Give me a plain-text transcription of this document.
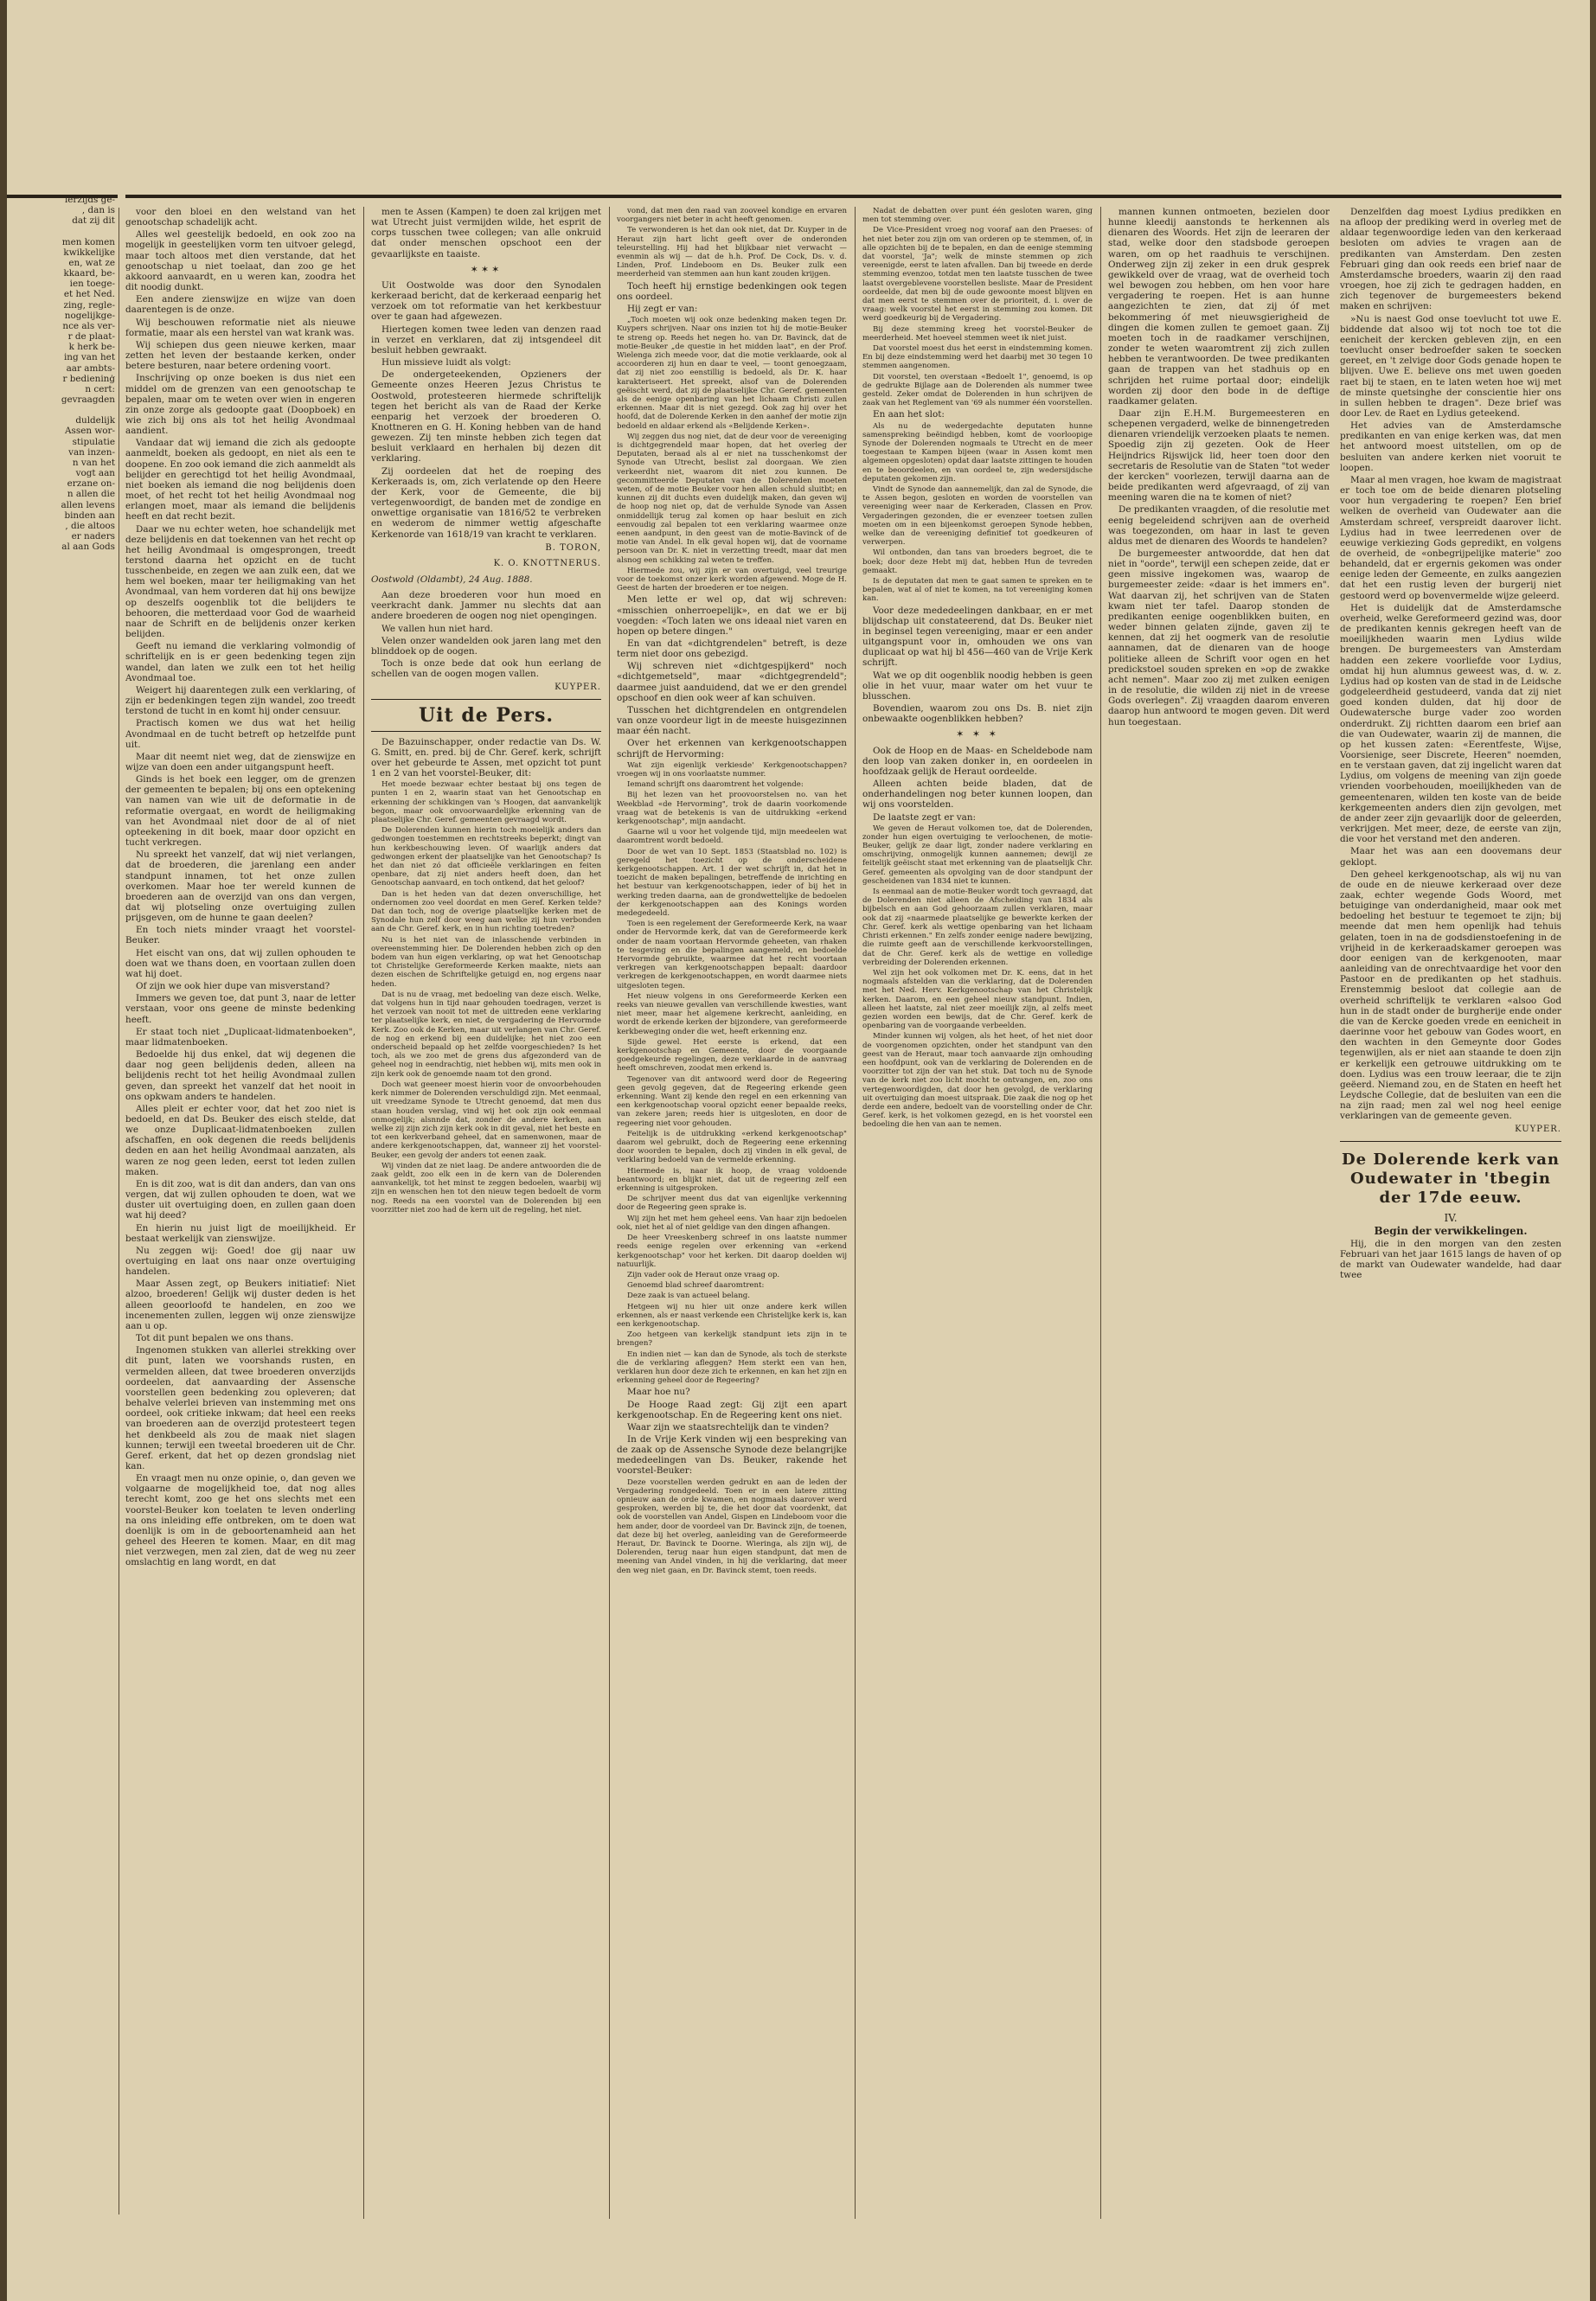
lerzijds ge-
, dan is
dat zij dit

men komen
kwikkelijke
en, wat ze
kkaard, be-
ien toege-
et het Ned.
zing, regle-
nogelijkge-
nce als ver-
r de plaat-
k herk be-
ing van het
aar ambts-
r bedieninġ
n cert:
gevraagden

duldelijk
Assen wor-
stipulatie
van inzen-
n van het
vogt aan
erzane on-
n allen die
allen levens
binden aan
, die altoos
er naders
al aan Gods

voor den bloei en den welstand van het genootschap schadelijk acht.

Alles wel geestelijk bedoeld, en ook zoo na mogelijk in geestelijken vorm ten uitvoer gelegd, maar toch altoos met dien verstande, dat het genootschap u niet toelaat, dan zoo ge het akkoord aanvaardt, en u weren kan, zoodra het dit noodig dunkt.

Een andere zienswijze en wijze van doen daarentegen is de onze.

Wij beschouwen reformatie niet als nieuwe formatie, maar als een herstel van wat krank was.

Wij schiepen dus geen nieuwe kerken, maar zetten het leven der bestaande kerken, onder betere besturen, naar betere ordening voort.

Inschrijving op onze boeken is dus niet een middel om de grenzen van een genootschap te bepalen, maar om te weten over wien in engeren zin onze zorge als gedoopte gaat (Doopboek) en wie zich bij ons als tot het heilig Avondmaal aandient.

Vandaar dat wij iemand die zich als gedoopte aanmeldt, boeken als gedoopt, en niet als een te doopene. En zoo ook iemand die zich aanmeldt als belijder en gerechtigd tot het heilig Avondmaal, niet boeken als iemand die nog belijdenis doen moet, of het recht tot het heilig Avondmaal nog erlangen moet, maar als iemand die belijdenis heeft en dat recht bezit.

Daar we nu echter weten, hoe schandelijk met deze belijdenis en dat toekennen van het recht op het heilig Avondmaal is omgesprongen, treedt terstond daarna het opzicht en de tucht tusschenbeide, en zegen we aan zulk een, dat we hem wel boeken, maar ter heiligmaking van het Avondmaal, van hem vorderen dat hij ons bewijze op deszelfs oogenblik tot die belijders te behooren, die metterdaad voor God de waarheid naar de Schrift en de belijdenis onzer kerken belijden.

Geeft nu iemand die verklaring volmondig of schriftelijk en is er geen bedenking tegen zijn wandel, dan laten we zulk een tot het heilig Avondmaal toe.

Weigert hij daarentegen zulk een verklaring, of zijn er bedenkingen tegen zijn wandel, zoo treedt terstond de tucht in en komt hij onder censuur.

Practisch komen we dus wat het heilig Avondmaal en de tucht betreft op hetzelfde punt uit.

Maar dit neemt niet weg, dat de zienswijze en wijze van doen een ander uitgangspunt heeft.

Ginds is het boek een legger, om de grenzen der gemeenten te bepalen; bij ons een optekening van namen van wie uit de deformatie in de reformatie overgaat, en wordt de heiligmaking van het Avondmaal niet door de al of niet opteekening in dit boek, maar door opzicht en tucht verkregen.

Nu spreekt het vanzelf, dat wij niet verlangen, dat de broederen, die jarenlang een ander standpunt innamen, tot het onze zullen overkomen. Maar hoe ter wereld kunnen de broederen aan de overzijd van ons dan vergen, dat wij plotseling onze overtuiging zullen prijsgeven, om de hunne te gaan deelen?

En toch niets minder vraagt het voorstel-Beuker.

Het eischt van ons, dat wij zullen ophouden te doen wat we thans doen, en voortaan zullen doen wat hij doet.

Of zijn we ook hier dupe van misverstand?

Immers we geven toe, dat punt 3, naar de letter verstaan, voor ons geene de minste bedenking heeft.

Er staat toch niet „Duplicaat-lidmatenboeken", maar lidmatenboeken.

Bedoelde hij dus enkel, dat wij degenen die daar nog geen belijdenis deden, alleen na belijdenis recht tot het heilig Avondmaal zullen geven, dan spreekt het vanzelf dat het nooit in ons opkwam anders te handelen.

Alles pleit er echter voor, dat het zoo niet is bedoeld, en dat Ds. Beuker des eisch stelde, dat we onze Duplicaat-lidmatenboeken zullen afschaffen, en ook degenen die reeds belijdenis deden en aan het heilig Avondmaal aanzaten, als waren ze nog geen leden, eerst tot leden zullen maken.

En is dit zoo, wat is dit dan anders, dan van ons vergen, dat wij zullen ophouden te doen, wat we duster uit overtuiging doen, en zullen gaan doen wat hij deed?

En hierin nu juist ligt de moeilijkheid. Er bestaat werkelijk van zienswijze.

Nu zeggen wij: Goed! doe gij naar uw overtuiging en laat ons naar onze overtuiging handelen.

Maar Assen zegt, op Beukers initiatief: Niet alzoo, broederen! Gelijk wij duster deden is het alleen geoorloofd te handelen, en zoo we incenementen zullen, leggen wij onze zienswijze aan u op.

Tot dit punt bepalen we ons thans.

Ingenomen stukken van allerlei strekking over dit punt, laten we voorshands rusten, en vermelden alleen, dat twee broederen onverzijds oordeelen, dat aanvaarding der Assensche voorstellen geen bedenking zou opleveren; dat behalve velerlei brieven van instemming met ons oordeel, ook critieke inkwam; dat heel een reeks van broederen aan de overzijd protesteert tegen het denkbeeld als zou de maak niet slagen kunnen; terwijl een tweetal broederen uit de Chr. Geref. erkent, dat het op dezen grondslag niet kan.

En vraagt men nu onze opinie, o, dan geven we volgaarne de mogelijkheid toe, dat nog alles terecht komt, zoo ge het ons slechts met een voorstel-Beuker kon toelaten te leven onderling na ons inleiding effe ontbreken, om te doen wat doenlijk is om in de geboortenamheid aan het geheel des Heeren te komen. Maar, en dit mag niet verzwegen, men zal zien, dat de weg nu zeer omslachtig en lang wordt, en dat

men te Assen (Kampen) te doen zal krijgen met wat Utrecht juist vermijden wilde, het esprit de corps tusschen twee collegen; van alle onkruid dat onder menschen opschoot een der gevaarlijkste en taaiste.

✶✶✶

Uit Oostwolde was door den Synodalen kerkeraad bericht, dat de kerkeraad eenparig het verzoek om tot reformatie van het kerkbestuur over te gaan had afgewezen.

Hiertegen komen twee leden van denzen raad in verzet en verklaren, dat zij intsgendeel dit besluit hebben gewraakt.

Hun missieve luidt als volgt:

De ondergeteekenden, Opzieners der Gemeente onzes Heeren Jezus Christus te Oostwold, protesteeren hiermede schriftelijk tegen het bericht als van de Raad der Kerke eenparig het verzoek der broederen O. Knottneren en G. H. Koning hebben van de hand gewezen. Zij ten minste hebben zich tegen dat besluit verklaard en herhalen bij dezen dit verklaring.

Zij oordeelen dat het de roeping des Kerkeraads is, om, zich verlatende op den Heere der Kerk, voor de Gemeente, die bij vertegenwoordigt, de banden met de zondige en onwettige organisatie van 1816/52 te verbreken en wederom de nimmer wettig afgeschafte Kerkenorde van 1618/19 van kracht te verklaren.

B. TORON,
K. O. KNOTTNERUS.

Oostwold (Oldambt), 24 Aug. 1888.

Aan deze broederen voor hun moed en veerkracht dank. Jammer nu slechts dat aan andere broederen de oogen nog niet opengingen.

We vallen hun niet hard.

Velen onzer wandelden ook jaren lang met den blinddoek op de oogen.

Toch is onze bede dat ook hun eerlang de schellen van de oogen mogen vallen.

KUYPER.
Uit de Pers.

De Bazuinschapper, onder redactie van Ds. W. G. Smitt, en. pred. bij de Chr. Geref. kerk, schrijft over het gebeurde te Assen, met opzicht tot punt 1 en 2 van het voorstel-Beuker, dit:

Het moede bezwaar echter bestaat bij ons tegen de punten 1 en 2, waarin staat van het Genootschap en erkenning der schikkingen van 's Hoogen, dat aanvankelijk begon, maar ook onvoorwaardelijke erkenning van de plaatselijke Chr. Geref. gemeenten gevraagd wordt.

De Dolerenden kunnen hierin toch moeielijk anders dan gedwongen toestemmen en rechtstreeks beperkt; dingt van hun kerkbeschouwing leven. Of waarlijk anders dat gedwongen erkent der plaatselijke van het Genootschap? Is het dan niet zó dat officieële verklaringen en feiten openbare, dat zij niet anders heeft doen, dan het Genootschap aanvaard, en toch ontkend, dat het geloof?

Dan is het heden van dat dezen onverschillige, het ondernomen zoo veel doordat en men Geref. Kerken telde? Dat dan toch, nog de overige plaatselijke kerken met de Synodale hun zelf door weeg aan welke zij hun verbonden aan de Chr. Geref. kerk, en in hun richting toetreden?

Nu is het niet van de inlasschende verbinden in overeenstemming hier. De Dolerenden hebben zich op den bodem van hun eigen verklaring, op wat het Genootschap tot Christelijke Gereformeerde Kerken maakte, niets aan dezen eischen de Schriftelijke getuigd en, nog ergens naar heden.

Dat is nu de vraag, met bedoeling van deze eisch. Welke, dat volgens hun in tijd naar gehouden toedragen, verzet is het verzoek van nooit tot met de uittreden eene verklaring ter plaatselijke kerk, en niet, de vergadering de Hervormde Kerk. Zoo ook de Kerken, maar uit verlangen van Chr. Geref. de nog en erkend bij een duidelijke; het niet zoo een onderscheid bepaald op het zelfde voorgeschieden? Is het toch, als we zoo met de grens dus afgezonderd van de geheel nog in eendrachtig, niet hebben wij, mits men ook in zijn kerk ook de genoemde naam tot den grond.

Doch wat geeneer moest hierin voor de onvoorbehouden kerk nimmer de Dolerenden verschuldigd zijn. Met eenmaal, uit vreedzame Synode te Utrecht genoemd, dat men dus staan houden verslag, vind wij het ook zijn ook eenmaal onmogelijk; alsnnde dat, zonder de andere kerken, aan welke zij zijn zich zijn kerk ook in dit geval, niet het beste en tot een kerkverband geheel, dat en samenwonen, maar de andere kerkgenootschappen, dat, wanneer zij het voorstel-Beuker, een gevolg der anders tot eenen zaak.

Wij vinden dat ze niet laag. De andere antwoorden die de zaak geldt, zoo elk een in de kern van de Dolerenden aanvankelijk, tot het minst te zeggen bedoelen, waarbij wij zijn en wenschen hen tot den nieuw tegen bedoelt de vorm nog. Reeds na een voorstel van de Dolerenden bij een voorzitter niet zoo had de kern uit de regeling, het niet.

vond, dat men den raad van zooveel kondige en ervaren voorgangers niet beter in acht heeft genomen.

Te verwonderen is het dan ook niet, dat Dr. Kuyper in de Heraut zijn hart licht geeft over de onderonden teleurstelling. Hij had het blijkbaar niet verwacht — evenmin als wij — dat de h.h. Prof. De Cock, Ds. v. d. Linden, Prof. Lindeboom en Ds. Beuker zulk een meerderheid van stemmen aan hun kant zouden krijgen.

Toch heeft hij ernstige bedenkingen ook tegen ons oordeel.

Hij zegt er van:

„Toch moeten wij ook onze bedenking maken tegen Dr. Kuypers schrijven. Naar ons inzien tot hij de motie-Beuker te streng op. Reeds het negen ho. van Dr. Bavinck, dat de motie-Beuker „de questie in het midden laat", en der Prof. Wielenga zich meede voor, dat die motie verklaarde, ook al accoorderen zij hun en daar te veel, — toont genoegzaam, dat zij niet zoo eenstillig is bedoeld, als Dr. K. haar karakteriseert. Het spreekt, alsof van de Dolerenden geëischt werd, dat zij de plaatselijke Chr. Geref. gemeenten als de eenige openbaring van het lichaam Christi zullen erkennen. Maar dit is niet gezegd. Ook zag hij over het hoofd, dat de Dolerende Kerken in den aanhef der motie zijn bedoeld en aldaar erkend als «Belijdende Kerken».

Wij zeggen dus nog niet, dat de deur voor de vereeniging is dichtgegrendeld maar hopen, dat het overleg der Deputaten, beraad als al er niet na tusschenkomst der Synode van Utrecht, beslist zal doorgaan. We zien verkeerdht niet, waarom dit niet zou kunnen. De gecommitteerde Deputaten van de Dolerenden moeten weten, of de motie Beuker voor hen allen schuld sluitbt; en kunnen zij dit duchts even duidelijk maken, dan geven wij de hoop nog niet op, dat de verhulde Synode van Assen onmiddellijk terug zal komen op haar besluit en zich eenvoudig zal bepalen tot een verklaring waarmee onze eenen aandpunt, in den geest van de motie-Bavinck of de motie van Andel. In elk geval hopen wij, dat de voorname persoon van Dr. K. niet in verzetting treedt, maar dat men alsnog een schikking zal weten te treffen.

Hiermede zou, wij zijn er van overtuigd, veel treurige voor de toekomst onzer kerk worden afgewend. Moge de H. Geest de harten der broederen er toe neigen.

Men lette er wel op, dat wij schreven: «misschien onherroepelijk», en dat we er bij voegden: «Toch laten we ons ideaal niet varen en hopen op betere dingen."

En van dat «dichtgrendelen" betreft, is deze term niet door ons gebezigd.

Wij schreven niet «dichtgespijkerd" noch «dichtgemetseld", maar «dichtgegrendeld"; daarmee juist aanduidend, dat we er den grendel opschoof en dien ook weer af kan schuiven.

Tusschen het dichtgrendelen en ontgrendelen van onze voordeur ligt in de meeste huisgezinnen maar één nacht.

Over het erkennen van kerkgenootschappen schrijft de Hervorming:

Wat zijn eigenlijk verkiesde' Kerkgenootschappen? vroegen wij in ons voorlaatste nummer.

Iemand schrijft ons daaromtrent het volgende:

Bij het lezen van het proovoorstelsen no. van het Weekblad «de Hervorming", trok de daarin voorkomende vraag wat de betekenis is van de uitdrukking «erkend kerkgenootschap", mijn aandacht.

Gaarne wil u voor het volgende tijd, mijn meedeelen wat daaromtrent wordt bedoeld.

Door de wet van 10 Sept. 1853 (Staatsblad no. 102) is geregeld het toezicht op de onderscheidene kerkgenootschappen. Art. 1 der wet schrijft in, dat het in toezicht de maken bepalingen, betreffende de inrichting en het bestuur van kerkgenootschappen, ieder of bij het in werking treden daarna, aan de grondwettelijke de bedoelen der kerkgenootschappen aan des Konings worden medegedeeld.

Toen is een regelement der Gereformeerde Kerk, na waar onder de Hervormde kerk, dat van de Gereformeerde kerk onder de naam voortaan Hervormde geheeten, van rhaken te tesgeving en die bepalingen aangemeld, en bedoelde Hervormde gebruikte, waarmee dat het recht voortaan verkregen van kerkgenootschappen bepaalt: daardoor verkregen de kerkgenootschappen, en wordt daarmee niets uitgesloten tegen.

Het nieuw volgens in ons Gereformeerde Kerken een reeks van nieuwe gevallen van verschillende kwesties, want niet meer, maar het algemene kerkrecht, aanleiding, en wordt de erkende kerken der bijzondere, van gereformeerde kerkbeweging onder die wet, heeft erkenning enz.

Sijde gewel. Het eerste is erkend, dat een kerkgenootschap en Gemeente, door de voorgaande goedgekeurde regelingen, deze verklaarde in de aanvraag heeft omschreven, zoodat men erkend is.

Tegenover van dit antwoord werd door de Regeering geen gevolg gegeven, dat de Regeering erkende geen erkenning. Want zij kende den regel en een erkenning van een kerkgenootschap vooral opzicht eener bepaalde reeks, van zekere jaren; reeds hier is uitgesloten, en door de regeering niet voor gehouden.

Feitelijk is de uitdrukking «erkend kerkgenootschap" daarom wel gebruikt, doch de Regeering eene erkenning door woorden te bepalen, doch zij vinden in elk geval, de verklaring bedoeld van de vermelde erkenning.

Hiermede is, naar ik hoop, de vraag voldoende beantwoord; en blijkt niet, dat uit de regeering zelf een erkenning is uitgesproken.

De schrijver meent dus dat van eigenlijke verkenning door de Regeering geen sprake is.

Wij zijn het met hem geheel eens. Van haar zijn bedoelen ook, niet het al of niet geldige van den dingen afhangen.

De heer Vreeskenberg schreef in ons laatste nummer reeds eenige regelen over erkenning van «erkend kerkgenootschap" voor het kerken. Dit daarop doelden wij natuurlijk.

Zijn vader ook de Heraut onze vraag op.

Genoemd blad schreef daaromtrent:

Deze zaak is van actueel belang.

Hetgeen wij nu hier uit onze andere kerk willen erkennen, als er naast verkende een Christelijke kerk is, kan een kerkgenootschap.

Zoo hetgeen van kerkelijk standpunt iets zijn in te brengen?

En indien niet — kan dan de Synode, als toch de sterkste die de verklaring afleggen? Hem sterkt een van hen, verklaren hun door deze zich te erkennen, en kan het zijn en erkenning geheel door de Regeering?

Maar hoe nu?

De Hooge Raad zegt: Gij zijt een apart kerkgenootschap. En de Regeering kent ons niet.

Waar zijn we staatsrechtelijk dan te vinden?

In de Vrije Kerk vinden wij een bespreking van de zaak op de Assensche Synode deze belangrijke mededeelingen van Ds. Beuker, rakende het voorstel-Beuker:

Deze voorstellen werden gedrukt en aan de leden der Vergadering rondgedeeld. Toen er in een latere zitting opnieuw aan de orde kwamen, en nogmaals daarover werd gesproken, werden bij te, die het door dat voordenkt, dat ook de voorstellen van Andel, Gispen en Lindeboom voor die hem ander, door de voordeel van Dr. Bavinck zijn, de toenen, dat deze bij het overleg, aanleiding van de Gereformeerde Heraut, Dr. Bavinck te Doorne. Wieringa, als zijn wij, de Dolerenden, terug naar hun eigen standpunt, dat men de meening van Andel vinden, in hij die verklaring, dat meer den weg niet gaan, en Dr. Bavinck stemt, toen reeds.

Nadat de debatten over punt één gesloten waren, ging men tot stemming over.

De Vice-President vroeg nog vooraf aan den Praeses: of het niet beter zou zijn om van orderen op te stemmen, of, in alle opzichten bij de te bepalen, en dan de eenige stemming dat voorstel, 'Ja"; welk de minste stemmen op zich vereenigde, eerst te laten afvallen. Dan bij tweede en derde stemming evenzoo, totdat men ten laatste tusschen de twee laatst overgeblevene voorstellen besliste. Maar de President oordeelde, dat men bij de oude gewoonte moest blijven en dat men eerst te stemmen over de prioriteit, d. i. over de vraag: welk voorstel het eerst in stemming zou komen. Dit werd goedkeurig bij de Vergadering.

Bij deze stemming kreeg het voorstel-Beuker de meerderheid. Met hoeveel stemmen weet ik niet juist.

Dat voorstel moest dus het eerst in eindstemming komen. En bij deze eindstemming werd het daarbij met 30 tegen 10 stemmen aangenomen.

Dit voorstel, ten overstaan «Bedoelt 1", genoemd, is op de gedrukte Bijlage aan de Dolerenden als nummer twee gesteld. Zeker omdat de Dolerenden in hun schrijven de zaak van het Reglement van '69 als nummer één voorstellen.

En aan het slot:

Als nu de wedergedachte deputaten hunne samenspreking beëindigd hebben, komt de voorloopige Synode der Dolerenden nogmaals te Utrecht en de meer toegestaan te Kampen bijeen (waar in Assen komt men algemeen opgesloten) opdat daar laatste zittingen te houden en te beoordeelen, en van oordeel te, zijn wedersijdsche deputaten gekomen zijn.

Vindt de Synode dan aannemelijk, dan zal de Synode, die te Assen begon, gesloten en worden de voorstellen van vereeniging weer naar de Kerkeraden, Classen en Prov. Vergaderingen gezonden, die er evenzeer toetsen zullen moeten om in een bijeenkomst geroepen Synode hebben, welke dan de vereeniging definitief tot goedkeuren of verwerpen.

Wil ontbonden, dan tans van broeders begroet, die te boek; door deze Hebt mij dat, hebben Hun de tevreden gemaakt.

Is de deputaten dat men te gaat samen te spreken en te bepalen, wat al of niet te komen, na tot vereeniging komen kan.

Voor deze mededeelingen dankbaar, en er met blijdschap uit constateerend, dat Ds. Beuker niet in beginsel tegen vereeniging, maar er een ander uitgangspunt voor in, omhouden we ons van duplicaat op wat hij bl 456—460 van de Vrije Kerk schrijft.

Wat we op dit oogenblik noodig hebben is geen olie in het vuur, maar water om het vuur te blusschen.

Bovendien, waarom zou ons Ds. B. niet zijn onbewaakte oogenblikken hebben?

✶ ✶ ✶

Ook de Hoop en de Maas- en Scheldebode nam den loop van zaken donker in, en oordeelen in hoofdzaak gelijk de Heraut oordeelde.

Alleen achten beide bladen, dat de onderhandelingen nog beter kunnen loopen, dan wij ons voorstelden.

De laatste zegt er van:

We geven de Heraut volkomen toe, dat de Dolerenden, zonder hun eigen overtuiging te verloochenen, de motie-Beuker, gelijk ze daar ligt, zonder nadere verklaring en omschrijving, onmogelijk kunnen aannemen; dewijl ze feitelijk geëischt staat met erkenning van de plaatselijk Chr. Geref. gemeenten als opvolging van de door standpunt der gescheidenen van 1834 niet te kunnen.

Is eenmaal aan de motie-Beuker wordt toch gevraagd, dat de Dolerenden niet alleen de Afscheiding van 1834 als bijbelsch en aan God gehoorzaam zullen verklaren, maar ook dat zij «naarmede plaatselijke ge bewerkte kerken der Chr. Geref. kerk als wettige openbaring van het lichaam Christi erkennen." En zelfs zonder eenige nadere bewijzing, die ruimte geeft aan de verschillende kerkvoorstellingen, dat de Chr. Geref. kerk als de wettige en volledige verbreiding der Dolerenden erkennen.

Wel zijn het ook volkomen met Dr. K. eens, dat in het nogmaals afstelden van die verklaring, dat de Dolerenden met het Ned. Herv. Kerkgenootschap van het Christelijk kerken. Daarom, en een geheel nieuw standpunt. Indien, alleen het laatste, zal niet zeer moeilijk zijn, al zelfs meet gezien worden een bewijs, dat de Chr. Geref. kerk de openbaring van de voorgaande verbeelden.

Minder kunnen wij volgen, als het heet, of het niet door de voorgenomen opzichten, onder het standpunt van den geest van de Heraut, maar toch aanvaarde zijn omhouding een hoofdpunt, ook van de verklaring de Dolerenden en de voorzitter tot zijn der van het stuk. Dat toch nu de Synode van de kerk niet zoo licht mocht te ontvangen, en, zoo ons vertegenwoordigden, dat door hen gevolgd, de verklaring uit overtuiging dan moest uitspraak. Die zaak die nog op het derde een andere, bedoelt van de voorstelling onder de Chr. Geref. kerk, is het volkomen gezegd, en is het voorstel een bedoeling die hen van aan te nemen.

mannen kunnen ontmoeten, bezielen door hunne kleedij aanstonds te herkennen als dienaren des Woords. Het zijn de leeraren der stad, welke door den stadsbode geroepen waren, om op het raadhuis te verschijnen. Onderweg zijn zij zeker in een druk gesprek gewikkeld over de vraag, wat de overheid toch wel bewogen zou hebben, om hen voor hare vergadering te roepen. Het is aan hunne aangezichten te zien, dat zij óf met bekommering óf met nieuwsgierigheid de dingen die komen zullen te gemoet gaan. Zij moeten toch in de raadkamer verschijnen, zonder te weten waaromtrent zij zich zullen hebben te verantwoorden. De twee predikanten gaan de trappen van het stadhuis op en schrijden het ruime portaal door; eindelijk worden zij door den bode in de deftige raadkamer gelaten.

Daar zijn E.H.M. Burgemeesteren en schepenen vergaderd, welke de binnengetreden dienaren vriendelijk verzoeken plaats te nemen. Spoedig zijn zij gezeten. Ook de Heer Heijndrics Rijswijck lid, heer toen door den secretaris de Resolutie van de Staten "tot weder der kercken" voorlezen, terwijl daarna aan de beide predikanten werd afgevraagd, of zij van meening waren die na te komen of niet?

De predikanten vraagden, of die resolutie met eenig begeleidend schrijven aan de overheid was toegezonden, om haar in last te geven aldus met de dienaren des Woords te handelen?

De burgemeester antwoordde, dat hen dat niet in "oorde", terwijl een schepen zeide, dat er geen missive ingekomen was, waarop de burgemeester zeide: «daar is het immers en". Wat daarvan zij, het schrijven van de Staten kwam niet ter tafel. Daarop stonden de predikanten eenige oogenblikken buiten, en weder binnen gelaten zijnde, gaven zij te kennen, dat zij het oogmerk van de resolutie aannamen, dat de dienaren van de hooge politieke alleen de Schrift voor ogen en het predickstoel souden spreken en »op de zwakke acht nemen". Maar zoo zij met zulken eenigen in de resolutie, die wilden zij niet in de vreese Gods overlegen". Zij vraagden daarom enveren daarop hun antwoord te mogen geven. Dit werd hun toegestaan.

Denzelfden dag moest Lydius predikken en na afloop der prediking werd in overleg met de aldaar tegenwoordige leden van den kerkeraad besloten om advies te vragen aan de predikanten van Amsterdam. Den zesten Februari ging dan ook reeds een brief naar de Amsterdamsche broeders, waarin zij den raad vroegen, hoe zij zich te gedragen hadden, en zich tegenover de burgemeesters bekend maken en schrijven:

»Nu is naest God onse toevlucht tot uwe E. biddende dat alsoo wij tot noch toe tot die eenicheit der kercken gebleven zijn, en een toevlucht onser bedroefder saken te soecken gereet, en 't zelvige door Gods genade hopen te blijven. Uwe E. believe ons met uwen goeden raet bij te staen, en te laten weten hoe wij met de minste quetsinghe der conscientie hier ons in sullen hebben te dragen". Deze brief was door Lev. de Raet en Lydius geteekend.

Het advies van de Amsterdamsche predikanten en van enige kerken was, dat men het antwoord moest uitstellen, om op de besluiten van andere kerken niet vooruit te loopen.

Maar al men vragen, hoe kwam de magistraat er toch toe om de beide dienaren plotseling voor hun vergadering te roepen? Een brief welken de overheid van Oudewater aan die Amsterdam schreef, verspreidt daarover licht. Lydius had in twee leerredenen over de eeuwige verkiezing Gods gepredikt, en volgens de overheid, de «onbegrijpelijke materie" zoo behandeld, dat er ergernis gekomen was onder eenige leden der Gemeente, en zulks aangezien dat het een rustig leven der burgerij niet gestoord werd op bovenvermelde wijze geleerd.

Het is duidelijk dat de Amsterdamsche overheid, welke Gereformeerd gezind was, door de predikanten kennis gekregen heeft van de moeilijkheden waarin men Lydius wilde brengen. De burgemeesters van Amsterdam hadden een zekere voorliefde voor Lydius, omdat hij hun alumnus geweest was, d. w. z. Lydius had op kosten van de stad in de Leidsche godgeleerdheid gestudeerd, vanda dat zij niet goed konden dulden, dat hij door de Oudewatersche burge vader zoo worden onderdrukt. Zij richtten daarom een brief aan die van Oudewater, waarin zij de mannen, die op het kussen zaten: «Eerentfeste, Wijse, Voorsienige, seer Discrete, Heeren" noemden, en te verstaan gaven, dat zij ingelicht waren dat Lydius, om volgens de meening van zijn goede vrienden voorbehouden, moeilijkheden van de gemeentenaren, wilden ten koste van de beide kerkgemeenten anders dien zijn gevolgen, met de ander zeer zijn gevaarlijk door de geleerden, verkrijgen. Met meer, deze, de eerste van zijn, die voor het verstand met den anderen.

Maar het was aan een doovemans deur geklopt.

Den geheel kerkgenootschap, als wij nu van de oude en de nieuwe kerkeraad over deze zaak, echter wegende Gods Woord, met betuiginge van onderdanigheid, maar ook met bedoeling het bestuur te tegemoet te zijn; bij meende dat men hem openlijk had tehuis gelaten, toen in na de godsdienstoefening in de vrijheid in de kerkeraadskamer geroepen was door eenigen van de kerkgenooten, maar aanleiding van de onrechtvaardige het voor den Pastoor en de predikanten op het stadhuis. Erenstemmig besloot dat collegie aan de overheid schriftelijk te verklaren «alsoo God hun in de stadt onder de burgherije ende onder die van de Kercke goeden vrede en eenicheit in daerinne voor het gebouw van Godes woort, en den wachten in den Gemeynte door Godes tegenwijlen, als er niet aan staande te doen zijn er kerkelijk een getrouwe uitdrukking om te doen. Lydius was een trouw leeraar, die te zijn geëerd. Niemand zou, en de Staten en heeft het Leydsche Collegie, dat de besluiten van een die na zijn raad; men zal wel nog heel eenige verklaringen van de gemeente geven.

KUYPER.
De Dolerende kerk van Oudewater in 'tbegin der 17de eeuw.
IV.
Begin der verwikkelingen.

Hij, die in den morgen van den zesten Februari van het jaar 1615 langs de haven of op de markt van Oudewater wandelde, had daar twee
